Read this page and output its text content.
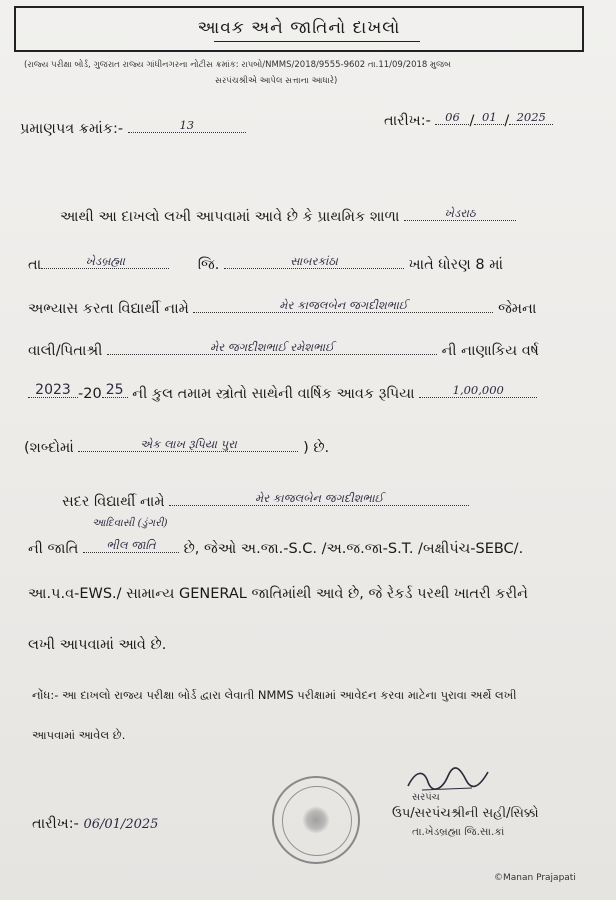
આવક અને જાતિનો દાખલો
(રાજ્ય પરીક્ષા બોર્ડ, ગુજરાત રાજ્ય ગાંધીનગરના નોટીસ ક્રમાંક: રાપબો/NMMS/2018/9555-9602 તા.11/09/2018 મુજબ
સરપંચશ્રીએ આપેલ સત્તાના આધારે)
પ્રમાણપત્ર ક્રમાંક:-	13	તારીખ:- 06 / 01 / 2025
આથી આ દાખલો લખી આપવામાં આવે છે કે પ્રાથમિક શાળા	ખેડરાઠ
તા	ખેડબ્રહ્મા	જિ.	સાબરકાંઠા	ખાતે ધોરણ 8 માં
અભ્યાસ કરતા વિદ્યાર્થી નામે	મેર કાજલબેન જગદીશભાઈ	જેમના
વાલી/પિતાશ્રી	મેર જગદીશભાઈ રમેશભાઈ	ની નાણાકિય વર્ષ
2023 -20 25 ની કુલ તમામ સ્ત્રોતો સાથેની વાર્ષિક આવક રૂપિયા	1,00,000
(શબ્દોમાં	એક લાખ રૂપિયા પુરા	) છે.
સદર વિદ્યાર્થી નામે	મેર કાજલબેન જગદીશભાઈ
આદિવાસી (ડુંગરી)
ની જાતિ ભીલ જાતિ છે, જેઓ અ.જા.-S.C. /અ.જ.જા-S.T. /બક્ષીપંચ-SEBC/.
આ.પ.વ-EWS./ સામાન્ય GENERAL જાતિમાંથી આવે છે, જે રેકર્ડ પરથી ખાતરી કરીને
લખી આપવામાં આવે છે.
નોંધ:- આ દાખલો રાજ્ય પરીક્ષા બોર્ડ દ્વારા લેવાતી NMMS પરીક્ષામાં આવેદન કરવા માટેના પુરાવા અર્થે લખી
આપવામાં આવેલ છે.
તારીખ:- 06/01/2025
સરપંચ
ઉપ/સરપંચશ્રીની સહી/સિક્કો
તા.ખેડબ્રહ્મા જિ.સા.કાં
©Manan Prajapati
